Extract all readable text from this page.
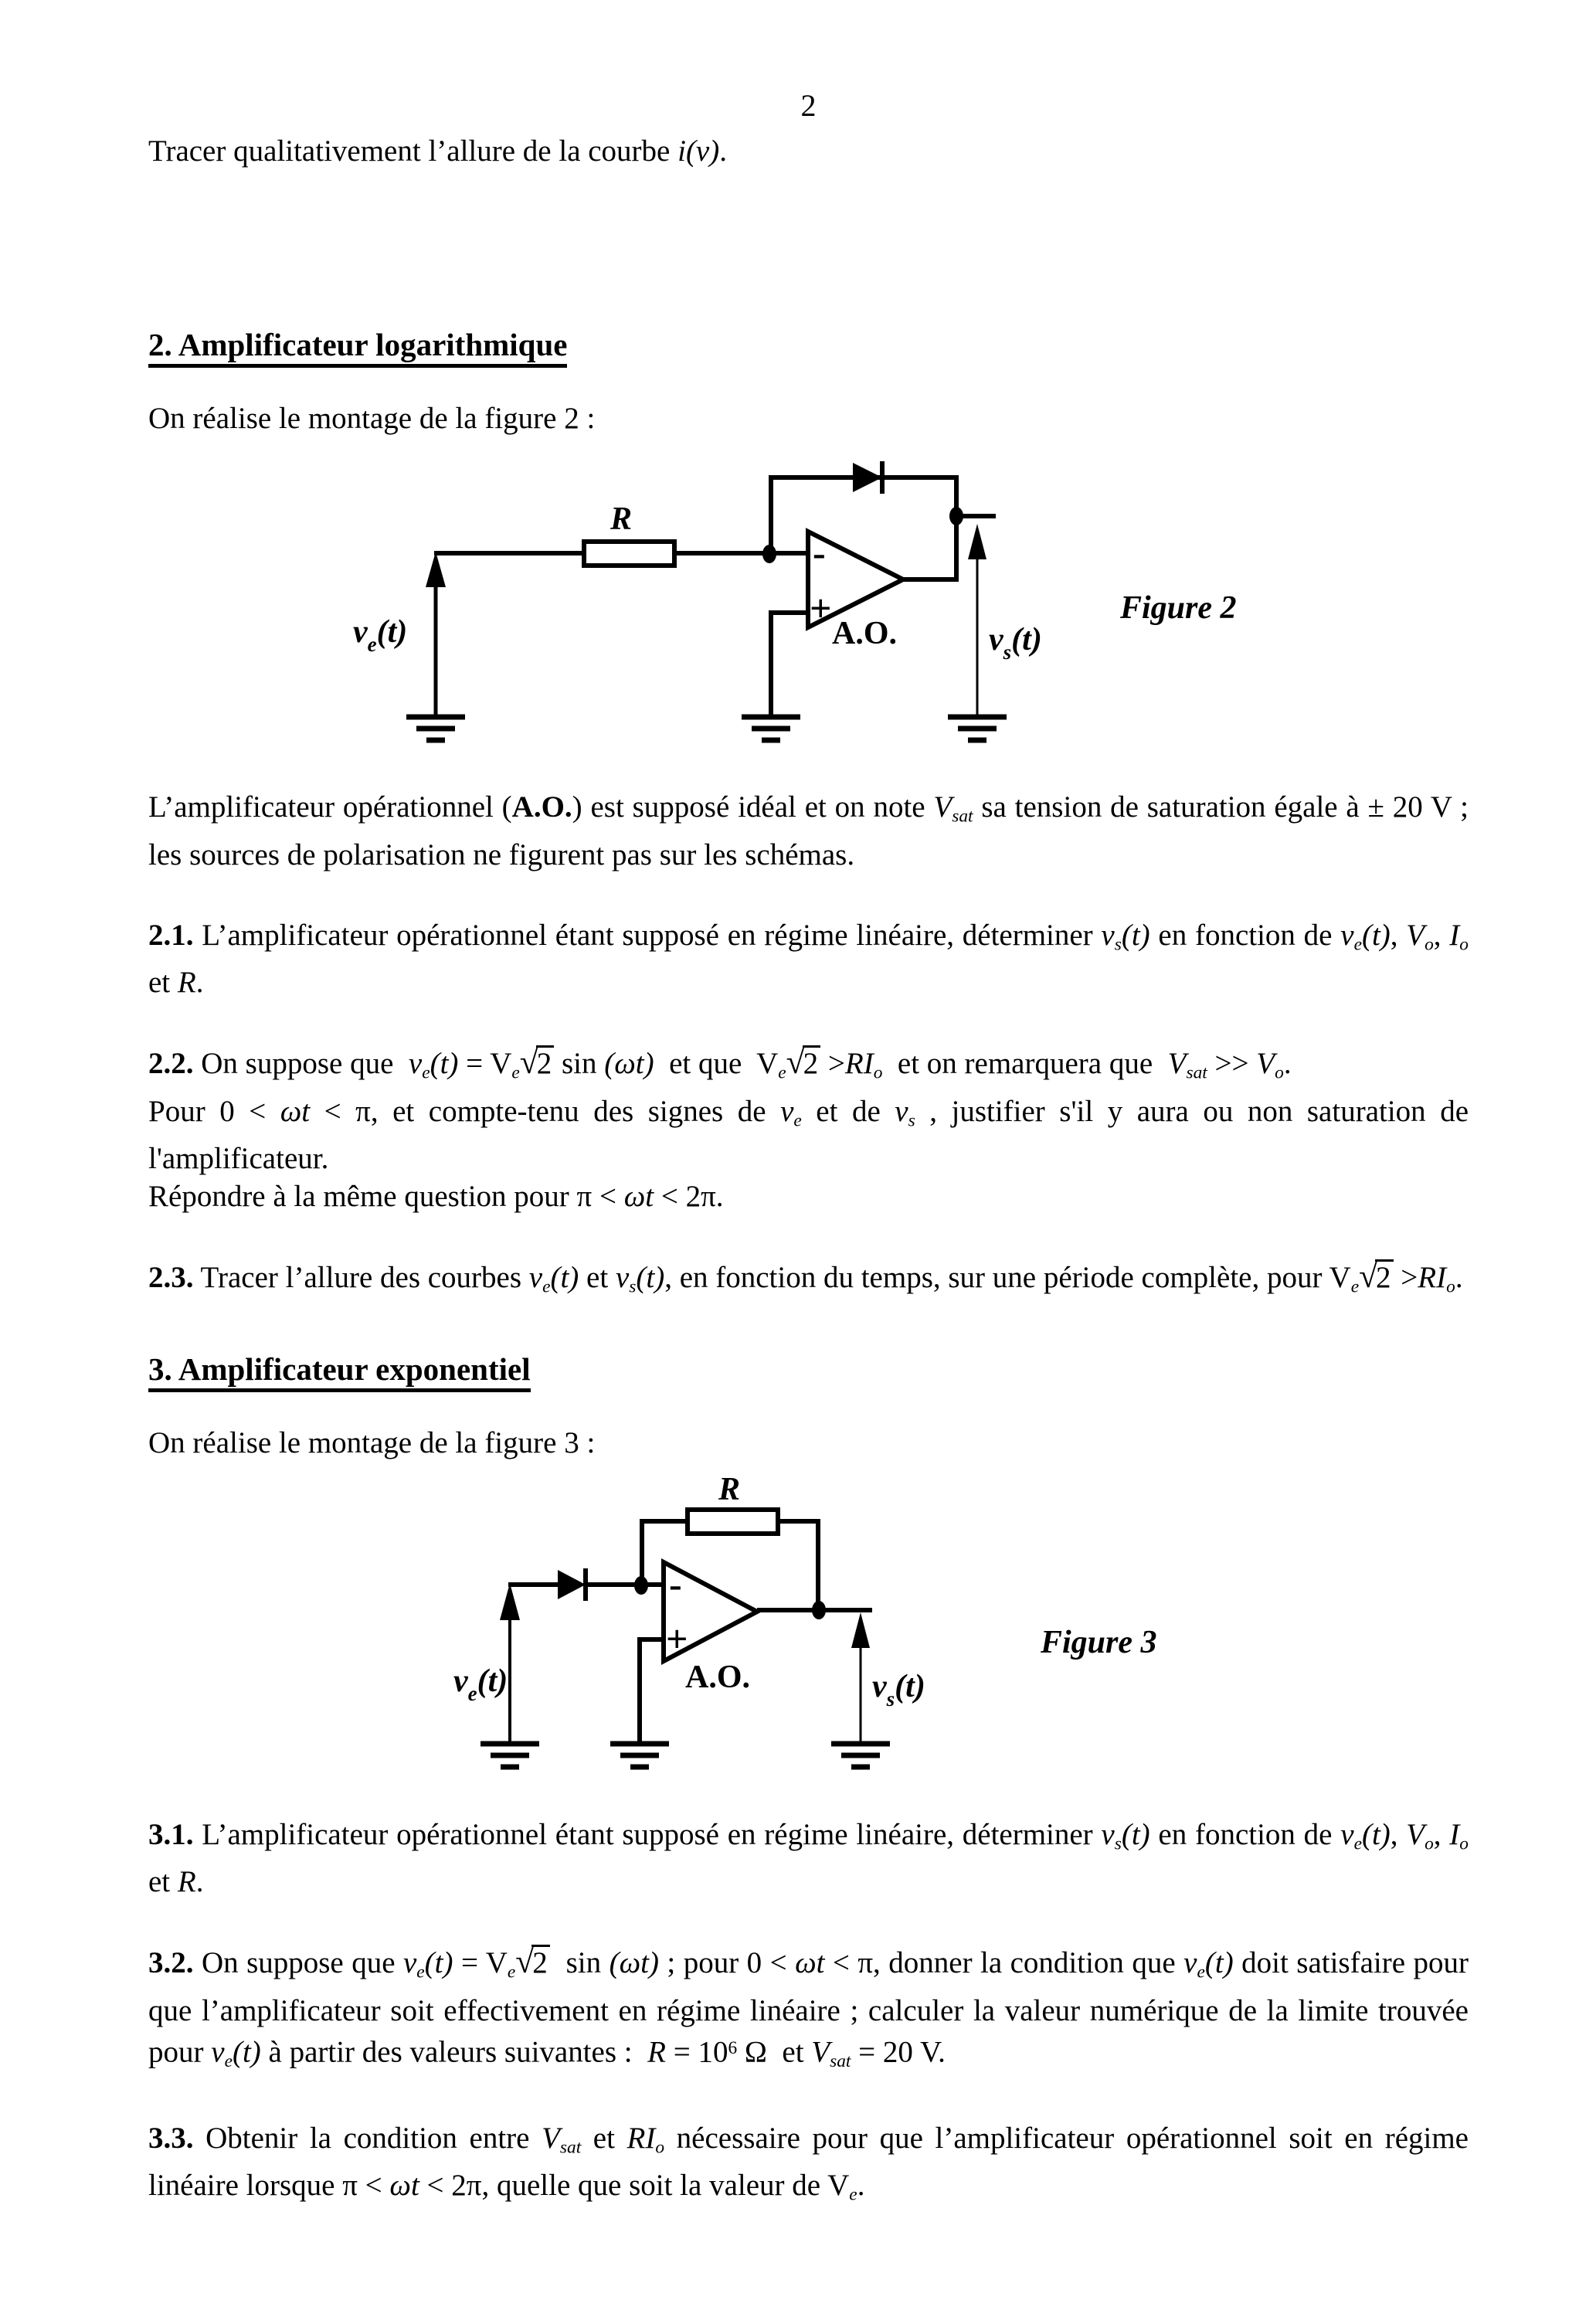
2

Tracer qualitativement l’allure de la courbe i(v).

2. Amplificateur logarithmique

On réalise le montage de la figure 2 :

R
-
+
A.O.
$v_e(t)$	$v_s(t)$
Figure 2

L’amplificateur opérationnel (A.O.) est supposé idéal et on note Vsat sa tension de saturation égale à ± 20 V ; les sources de polarisation ne figurent pas sur les schémas.

2.1. L’amplificateur opérationnel étant supposé en régime linéaire, déterminer vs(t) en fonction de ve(t), Vo, Io et R.

2.2. On suppose que  ve(t) = Ve√2 sin (ωt)  et que  Ve√2 >RIo  et on remarquera que  Vsat >> Vo.

Pour 0 < ωt < π, et compte-tenu des signes de ve et de vs , justifier s'il y aura ou non saturation de l'amplificateur.

Répondre à la même question pour π < ωt < 2π.

2.3. Tracer l’allure des courbes ve(t) et vs(t), en fonction du temps, sur une période complète, pour Ve√2 >RIo.

3. Amplificateur exponentiel

On réalise le montage de la figure 3 :

R
-
+
A.O.
$v_e(t)$	$v_s(t)$
Figure 3

3.1. L’amplificateur opérationnel étant supposé en régime linéaire, déterminer vs(t) en fonction de ve(t), Vo, Io et R.

3.2. On suppose que ve(t) = Ve√2  sin (ωt) ; pour 0 < ωt < π, donner la condition que ve(t) doit satisfaire pour que l’amplificateur soit effectivement en régime linéaire ; calculer la valeur numérique de la limite trouvée pour ve(t) à partir des valeurs suivantes :  $R = 10^6$ Ω  et Vsat = 20 V.

3.3. Obtenir la condition entre Vsat et RIo nécessaire pour que l’amplificateur opérationnel soit en régime linéaire lorsque π < ωt < 2π, quelle que soit la valeur de Ve.
